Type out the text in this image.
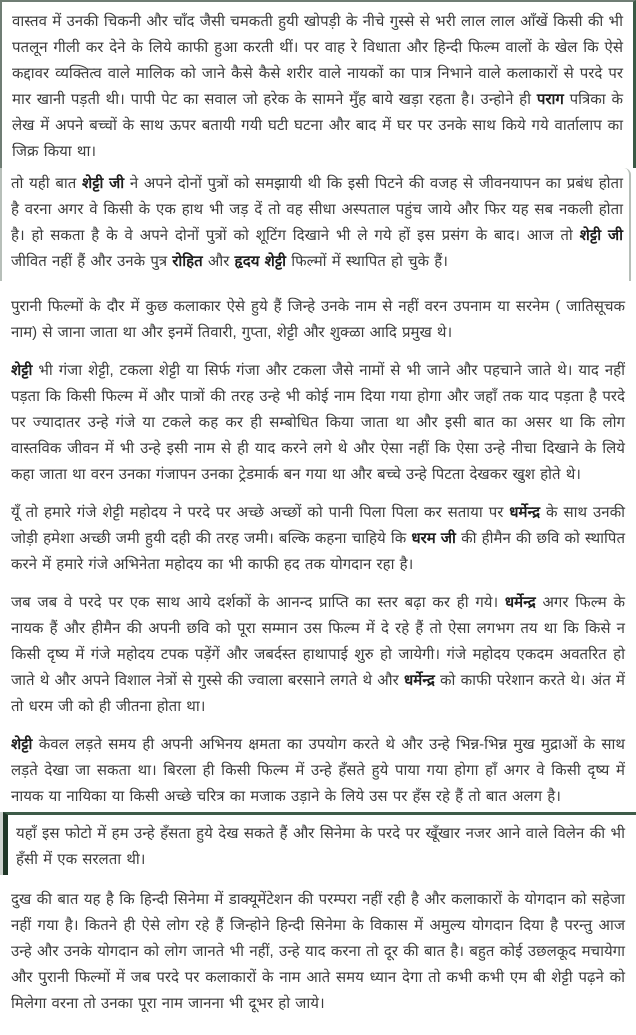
वास्तव में उनकी चिकनी और चाँद जैसी चमकती हुयी खोपड़ी के नीचे गुस्से से भरी लाल लाल आँखें किसी की भी पतलून गीली कर देने के लिये काफी हुआ करती थीं। पर वाह रे विधाता और हिन्दी फिल्म वालों के खेल कि ऐसे कद्दावर व्यक्तित्व वाले मालिक को जाने कैसे कैसे शरीर वाले नायकों का पात्र निभाने वाले कलाकारों से परदे पर मार खानी पड़ती थी। पापी पेट का सवाल जो हरेक के सामने मुँह बाये खड़ा रहता है। उन्होने ही पराग पत्रिका के लेख में अपने बच्चों के साथ ऊपर बतायी गयी घटी घटना और बाद में घर पर उनके साथ किये गये वार्तालाप का जिक्र किया था।

तो यही बात शेट्टी जी ने अपने दोनों पुत्रों को समझायी थी कि इसी पिटने की वजह से जीवनयापन का प्रबंध होता है वरना अगर वे किसी के एक हाथ भी जड़ दें तो वह सीधा अस्पताल पहुंच जाये और फिर यह सब नकली होता है। हो सकता है के वे अपने दोनों पुत्रों को शूटिंग दिखाने भी ले गये हों इस प्रसंग के बाद। आज तो शेट्टी जी जीवित नहीं हैं और उनके पुत्र रोहित और हृदय शेट्टी फिल्मों में स्थापित हो चुके हैं।

पुरानी फिल्मों के दौर में कुछ कलाकार ऐसे हुये हैं जिन्हे उनके नाम से नहीं वरन उपनाम या सरनेम ( जातिसूचक नाम) से जाना जाता था और इनमें तिवारी, गुप्ता, शेट्टी और शुक्ळा आदि प्रमुख थे।

शेट्टी भी गंजा शेट्टी, टकला शेट्टी या सिर्फ गंजा और टकला जैसे नामों से भी जाने और पहचाने जाते थे। याद नहीं पड़ता कि किसी फिल्म में और पात्रों की तरह उन्हे भी कोई नाम दिया गया होगा और जहाँ तक याद पड़ता है परदे पर ज्यादातर उन्हे गंजे या टकले कह कर ही सम्बोधित किया जाता था और इसी बात का असर था कि लोग वास्तविक जीवन में भी उन्हे इसी नाम से ही याद करने लगे थे और ऐसा नहीं कि ऐसा उन्हे नीचा दिखाने के लिये कहा जाता था वरन उनका गंजापन उनका ट्रेडमार्क बन गया था और बच्चे उन्हे पिटता देखकर खुश होते थे।

यूँ तो हमारे गंजे शेट्टी महोदय ने परदे पर अच्छे अच्छों को पानी पिला पिला कर सताया पर धर्मेन्द्र के साथ उनकी जोड़ी हमेशा अच्छी जमी हुयी दही की तरह जमी। बल्कि कहना चाहिये कि धरम जी की हीमैन की छवि को स्थापित करने में हमारे गंजे अभिनेता महोदय का भी काफी हद तक योगदान रहा है।

जब जब वे परदे पर एक साथ आये दर्शकों के आनन्द प्राप्ति का स्तर बढ़ा कर ही गये। धर्मेन्द्र अगर फिल्म के नायक हैं और हीमैन की अपनी छवि को पूरा सम्मान उस फिल्म में दे रहे हैं तो ऐसा लगभग तय था कि किसे न किसी दृष्य में गंजे महोदय टपक पड़ेंगें और जबर्दस्त हाथापाई शुरु हो जायेगी। गंजे महोदय एकदम अवतरित हो जाते थे और अपने विशाल नेत्रों से गुस्से की ज्वाला बरसाने लगते थे और धर्मेन्द्र को काफी परेशान करते थे। अंत में तो धरम जी को ही जीतना होता था।

शेट्टी केवल लड़ते समय ही अपनी अभिनय क्षमता का उपयोग करते थे और उन्हे भिन्न-भिन्न मुख मुद्राओं के साथ लड़ते देखा जा सकता था। बिरला ही किसी फिल्म में उन्हे हँसते हुये पाया गया होगा हाँ अगर वे किसी दृष्य में नायक या नायिका या किसी अच्छे चरित्र का मजाक उड़ाने के लिये उस पर हँस रहे हैं तो बात अलग है।

यहाँ इस फोटो में हम उन्हे हँसता हुये देख सकते हैं और सिनेमा के परदे पर खूँखार नजर आने वाले विलेन की भी हँसी में एक सरलता थी।

दुख की बात यह है कि हिन्दी सिनेमा में डाक्यूमेंटेशन की परम्परा नहीं रही है और कलाकारों के योगदान को सहेजा नहीं गया है। कितने ही ऐसे लोग रहे हैं जिन्होने हिन्दी सिनेमा के विकास में अमुल्य योगदान दिया है परन्तु आज उन्हे और उनके योगदान को लोग जानते भी नहीं, उन्हे याद करना तो दूर की बात है। बहुत कोई उछलकूद मचायेगा और पुरानी फिल्मों में जब परदे पर कलाकारों के नाम आते समय ध्यान देगा तो कभी कभी एम बी शेट्टी पढ़ने को मिलेगा वरना तो उनका पूरा नाम जानना भी दूभर हो जाये।
